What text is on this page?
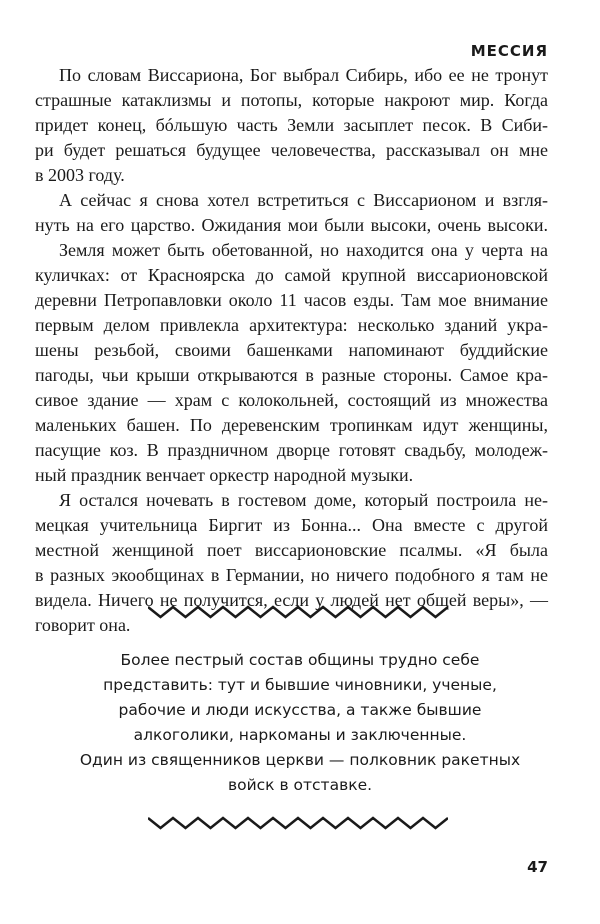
МЕССИЯ
По словам Виссариона, Бог выбрал Сибирь, ибо ее не тронут
страшные катаклизмы и потопы, которые накроют мир. Когда
придет конец, бóльшую часть Земли засыплет песок. В Сиби-
ри будет решаться будущее человечества, рассказывал он мне
в 2003 году.
А сейчас я снова хотел встретиться с Виссарионом и взгля-
нуть на его царство. Ожидания мои были высоки, очень высоки.
Земля может быть обетованной, но находится она у черта на
куличках: от Красноярска до самой крупной виссарионовской
деревни Петропавловки около 11 часов езды. Там мое внимание
первым делом привлекла архитектура: несколько зданий укра-
шены резьбой, своими башенками напоминают буддийские
пагоды, чьи крыши открываются в разные стороны. Самое кра-
сивое здание — храм с колокольней, состоящий из множества
маленьких башен. По деревенским тропинкам идут женщины,
пасущие коз. В праздничном дворце готовят свадьбу, молодеж-
ный праздник венчает оркестр народной музыки.
Я остался ночевать в гостевом доме, который построила не-
мецкая учительница Биргит из Бонна... Она вместе с другой
местной женщиной поет виссарионовские псалмы. «Я была
в разных экообщинах в Германии, но ничего подобного я там не
видела. Ничего не получится, если у людей нет общей веры», —
говорит она.
Более пестрый состав общины трудно себе
представить: тут и бывшие чиновники, ученые,
рабочие и люди искусства, а также бывшие
алкоголики, наркоманы и заключенные.
Один из священников церкви — полковник ракетных
войск в отставке.
47
